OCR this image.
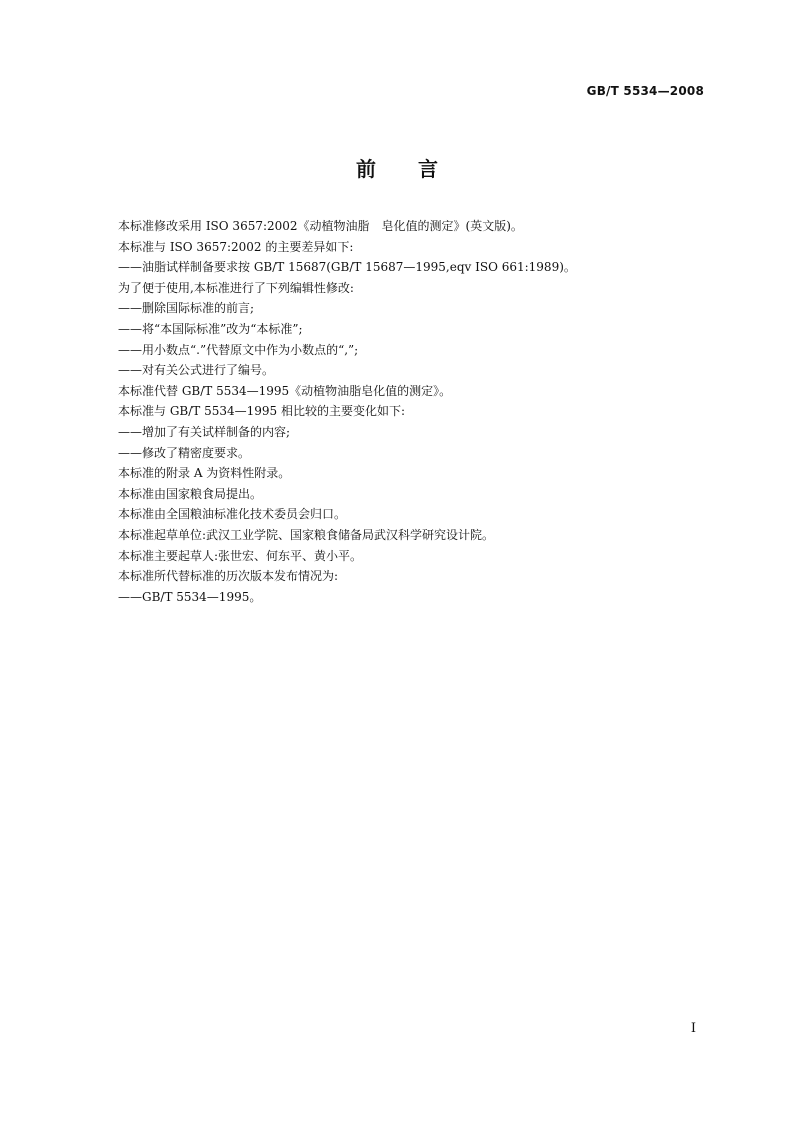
GB/T 5534—2008
前 言
本标准修改采用 ISO 3657:2002《动植物油脂　皂化值的测定》(英文版)。
本标准与 ISO 3657:2002 的主要差异如下:
——油脂试样制备要求按 GB/T 15687(GB/T 15687—1995,eqv ISO 661:1989)。
为了便于使用,本标准进行了下列编辑性修改:
——删除国际标准的前言;
——将“本国际标准”改为“本标准”;
——用小数点“.”代替原文中作为小数点的“,”;
——对有关公式进行了编号。
本标准代替 GB/T 5534—1995《动植物油脂皂化值的测定》。
本标准与 GB/T 5534—1995 相比较的主要变化如下:
——增加了有关试样制备的内容;
——修改了精密度要求。
本标准的附录 A 为资料性附录。
本标准由国家粮食局提出。
本标准由全国粮油标准化技术委员会归口。
本标准起草单位:武汉工业学院、国家粮食储备局武汉科学研究设计院。
本标准主要起草人:张世宏、何东平、黄小平。
本标准所代替标准的历次版本发布情况为:
——GB/T 5534—1995。
I
